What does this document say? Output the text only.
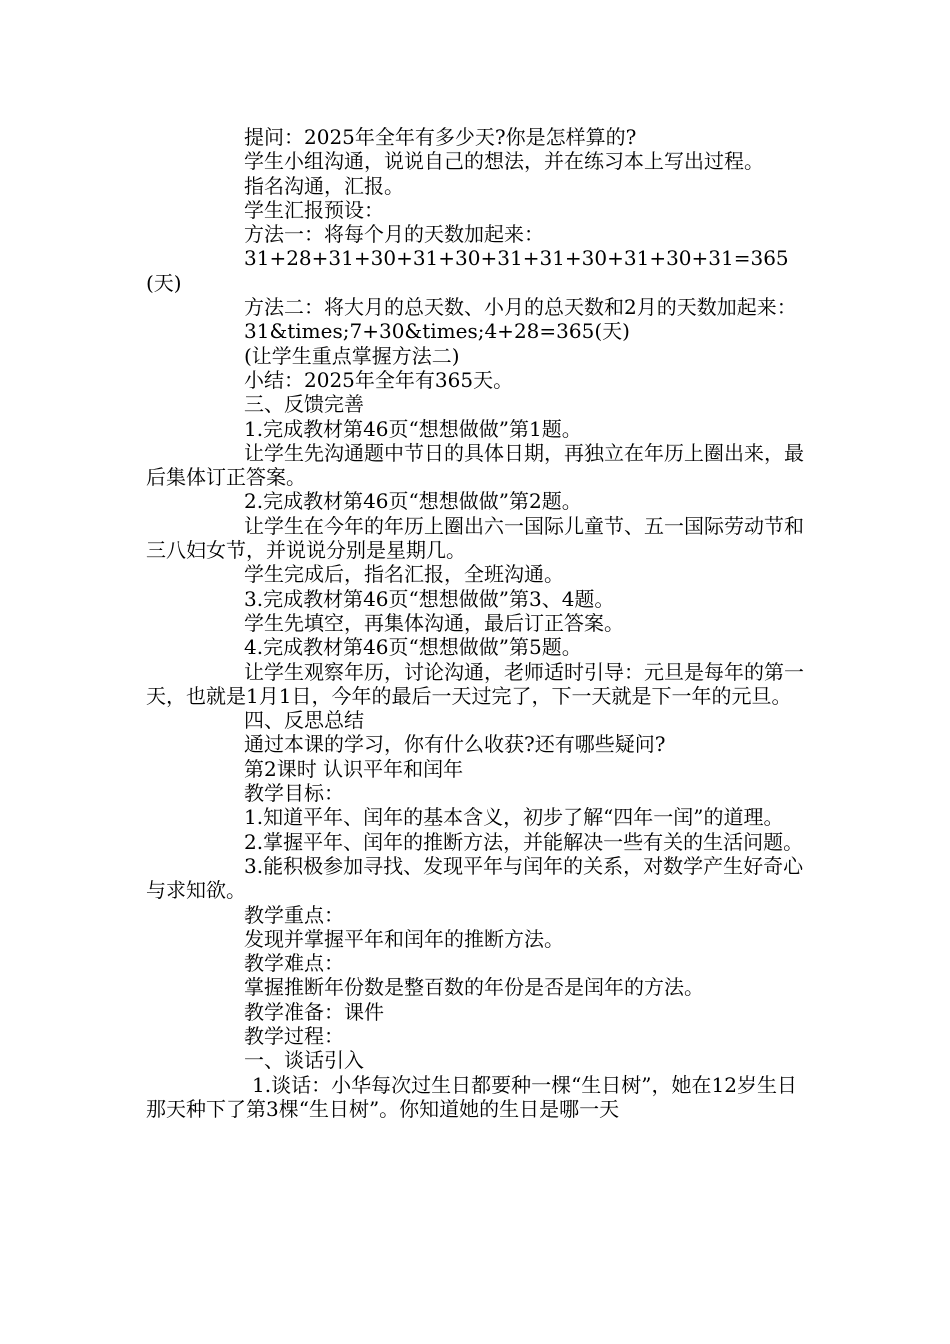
提问：2025年全年有多少天?你是怎样算的?

学生小组沟通，说说自己的想法，并在练习本上写出过程。

指名沟通，汇报。

学生汇报预设：

方法一：将每个月的天数加起来：

31+28+31+30+31+30+31+31+30+31+30+31=365(天)

方法二：将大月的总天数、小月的总天数和2月的天数加起来：

31&times;7+30&times;4+28=365(天)

(让学生重点掌握方法二)

小结：2025年全年有365天。

三、反馈完善

1.完成教材第46页“想想做做”第1题。

让学生先沟通题中节日的具体日期，再独立在年历上圈出来，最后集体订正答案。

2.完成教材第46页“想想做做”第2题。

让学生在今年的年历上圈出六一国际儿童节、五一国际劳动节和三八妇女节，并说说分别是星期几。

学生完成后，指名汇报，全班沟通。

3.完成教材第46页“想想做做”第3、4题。

学生先填空，再集体沟通，最后订正答案。

4.完成教材第46页“想想做做”第5题。

让学生观察年历，讨论沟通，老师适时引导：元旦是每年的第一天，也就是1月1日，今年的最后一天过完了，下一天就是下一年的元旦。

四、反思总结

通过本课的学习，你有什么收获?还有哪些疑问?

第2课时 认识平年和闰年

教学目标：

1.知道平年、闰年的基本含义，初步了解“四年一闰”的道理。

2.掌握平年、闰年的推断方法，并能解决一些有关的生活问题。

3.能积极参加寻找、发现平年与闰年的关系，对数学产生好奇心与求知欲。

教学重点：

发现并掌握平年和闰年的推断方法。

教学难点：

掌握推断年份数是整百数的年份是否是闰年的方法。

教学准备：课件

教学过程：

一、谈话引入

1.谈话：小华每次过生日都要种一棵“生日树”，她在12岁生日那天种下了第3棵“生日树”。你知道她的生日是哪一天
